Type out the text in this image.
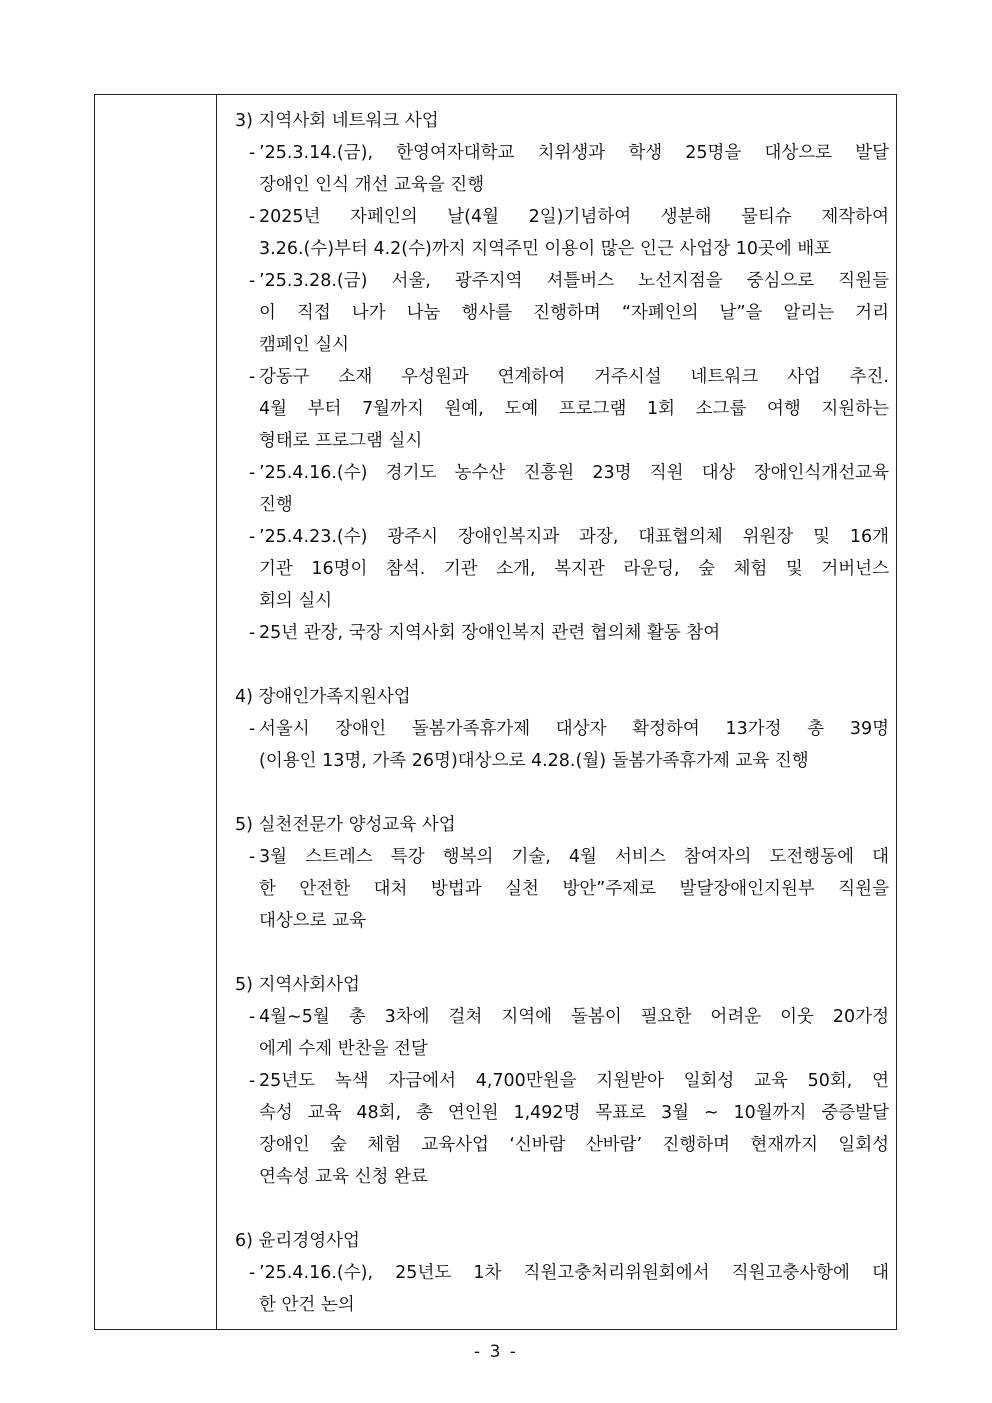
3) 지역사회 네트워크 사업
- ’25.3.14.(금), 한영여자대학교 치위생과 학생 25명을 대상으로 발달
장애인 인식 개선 교육을 진행
- 2025년 자페인의 날(4월 2일)기념하여 생분해 물티슈 제작하여
3.26.(수)부터 4.2(수)까지 지역주민 이용이 많은 인근 사업장 10곳에 배포
- ’25.3.28.(금) 서울, 광주지역 셔틀버스 노선지점을 중심으로 직원들
이 직접 나가 나눔 행사를 진행하며 “자폐인의 날”을 알리는 거리
캠페인 실시
- 강동구 소재 우성원과 연계하여 거주시설 네트워크 사업 추진.
4월 부터 7월까지 원예, 도예 프로그램 1회 소그룹 여행 지원하는
형태로 프로그램 실시
- ’25.4.16.(수) 경기도 농수산 진흥원 23명 직원 대상 장애인식개선교육
진행
- ’25.4.23.(수) 광주시 장애인복지과 과장, 대표협의체 위원장 및 16개
기관 16명이 참석. 기관 소개, 복지관 라운딩, 숲 체험 및 거버넌스
회의 실시
- 25년 관장, 국장 지역사회 장애인복지 관련 협의체 활동 참여
4) 장애인가족지원사업
- 서울시 장애인 돌봄가족휴가제 대상자 확정하여 13가정 총 39명
(이용인 13명, 가족 26명)대상으로 4.28.(월) 돌봄가족휴가제 교육 진행
5) 실천전문가 양성교육 사업
- 3월 스트레스 특강 행복의 기술, 4월 서비스 참여자의 도전행동에 대
한 안전한 대처 방법과 실천 방안”주제로 발달장애인지원부 직원을
대상으로 교육
5) 지역사회사업
- 4월∼5월 총 3차에 걸쳐 지역에 돌봄이 필요한 어려운 이웃 20가정
에게 수제 반찬을 전달
- 25년도 녹색 자금에서 4,700만원을 지원받아 일회성 교육 50회, 연
속성 교육 48회, 총 연인원 1,492명 목표로 3월 ~ 10월까지 중증발달
장애인 숲 체험 교육사업 ‘신바람 산바람’ 진행하며 현재까지 일회성
연속성 교육 신청 완료
6) 윤리경영사업
- ’25.4.16.(수), 25년도 1차 직원고충처리위원회에서 직원고충사항에 대
한 안건 논의
- 3 -
